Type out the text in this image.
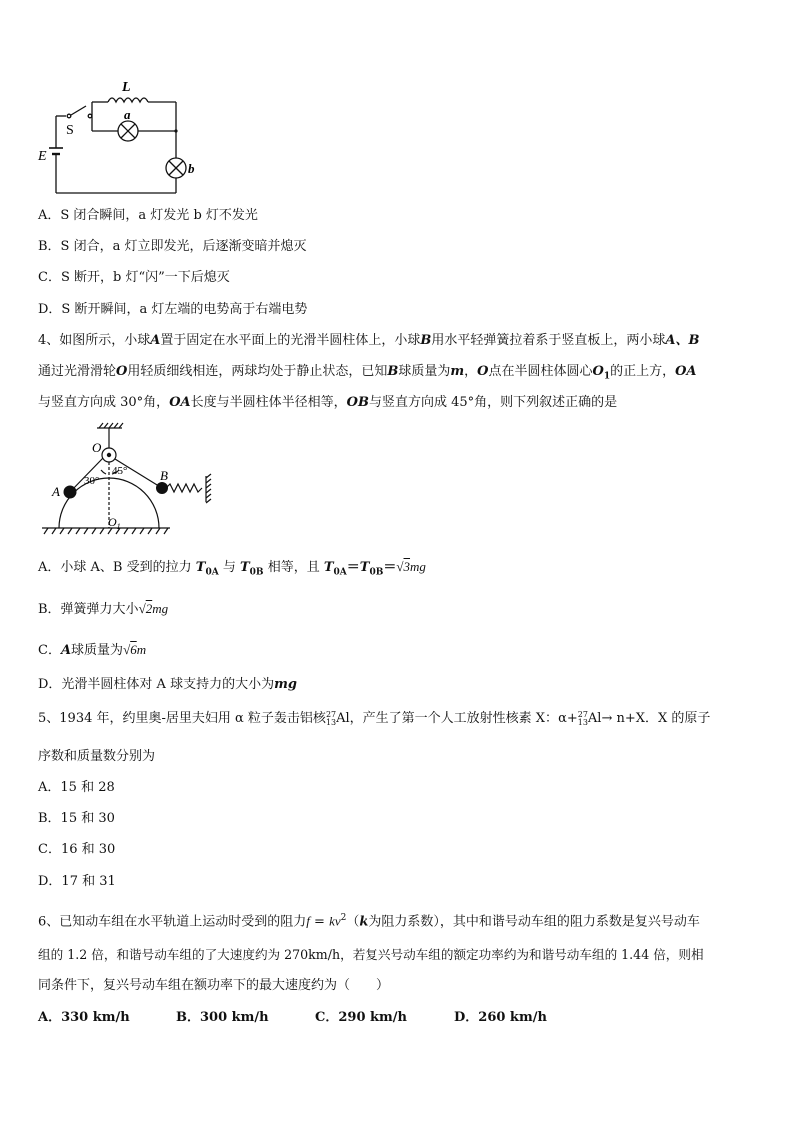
L
S
E
a
b
A．S 闭合瞬间，a 灯发光 b 灯不发光
B．S 闭合，a 灯立即发光，后逐渐变暗并熄灭
C．S 断开，b 灯“闪”一下后熄灭
D．S 断开瞬间，a 灯左端的电势高于右端电势
4、如图所示，小球A置于固定在水平面上的光滑半圆柱体上，小球B用水平轻弹簧拉着系于竖直板上，两小球A、B
通过光滑滑轮O用轻质细线相连，两球均处于静止状态，已知B球质量为m，O点在半圆柱体圆心$O_1$的正上方，OA
与竖直方向成 30°角，OA长度与半圆柱体半径相等，OB与竖直方向成 45°角，则下列叙述正确的是
O
A
B
30°
45°
$O_1$
A．小球 A、B 受到的拉力 $T_{0A}$ 与 $T_{0B}$ 相等，且 $T_{0A}=T_{0B}=√3mg$
B．弹簧弹力大小√2mg
C．A球质量为√6m
D．光滑半圆柱体对 A 球支持力的大小为mg
5、1934 年，约里奥-居里夫妇用 α 粒子轰击铝核27
13Al，产生了第一个人工放射性核素 X：α+27
13Al→ n+X．X 的原子
序数和质量数分别为
A．15 和 28
B．15 和 30
C．16 和 30
D．17 和 31
6、已知动车组在水平轨道上运动时受到的阻力$f = kv^2(k$为阻力系数），其中和谐号动车组的阻力系数是复兴号动车
组的 1.2 倍，和谐号动车组的了大速度约为 270km/h，若复兴号动车组的额定功率约为和谐号动车组的 1.44 倍，则相
同条件下，复兴号动车组在额功率下的最大速度约为（　　）
A．330 km/h	B．300 km/h	C．290 km/h	D．260 km/h
